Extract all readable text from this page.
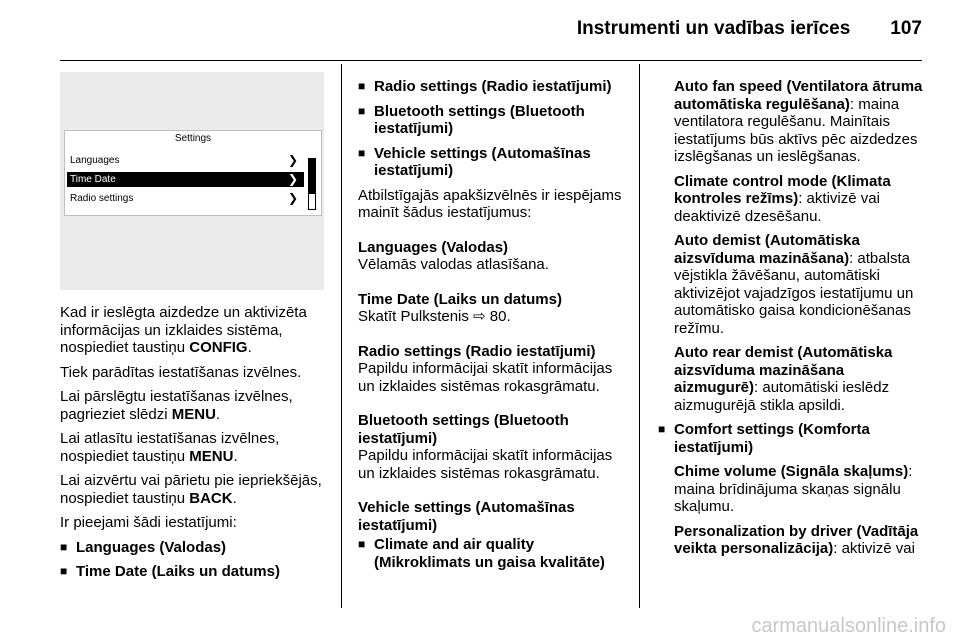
Instrumenti un vadības ierīces 107
Settings
Languages	❯
Time Date	❯
Radio settings	❯

Kad ir ieslēgta aizdedze un aktivizēta informācijas un izklaides sistēma, nospiediet taustiņu CONFIG.

Tiek parādītas iestatīšanas izvēlnes.

Lai pārslēgtu iestatīšanas izvēlnes, pagrieziet slēdzi MENU.

Lai atlasītu iestatīšanas izvēlnes, nospiediet taustiņu MENU.

Lai aizvērtu vai pārietu pie iepriekšējās, nospiediet taustiņu BACK.

Ir pieejami šādi iestatījumi:

■ Languages (Valodas)
■ Time Date (Laiks un datums)
■ Radio settings (Radio iestatījumi)
■ Bluetooth settings (Bluetooth iestatījumi)
■ Vehicle settings (Automašīnas iestatījumi)

Atbilstīgajās apakšizvēlnēs ir iespējams mainīt šādus iestatījumus:

Languages (Valodas)

Vēlamās valodas atlasīšana.

Time Date (Laiks un datums)

Skatīt Pulkstenis ⇨ 80.

Radio settings (Radio iestatījumi)

Papildu informācijai skatīt informācijas un izklaides sistēmas rokasgrāmatu.

Bluetooth settings (Bluetooth iestatījumi)

Papildu informācijai skatīt informācijas un izklaides sistēmas rokasgrāmatu.

Vehicle settings (Automašīnas iestatījumi)

■ Climate and air quality (Mikroklimats un gaisa kvalitāte)

Auto fan speed (Ventilatora ātruma automātiska regulēšana): maina ventilatora regulēšanu. Mainītais iestatījums būs aktīvs pēc aizdedzes izslēgšanas un ieslēgšanas.

Climate control mode (Klimata kontroles režīms): aktivizē vai deaktivizē dzesēšanu.

Auto demist (Automātiska aizsvīduma mazināšana): atbalsta vējstikla žāvēšanu, automātiski aktivizējot vajadzīgos iestatījumu un automātisko gaisa kondicionēšanas režīmu.

Auto rear demist (Automātiska aizsvīduma mazināšana aizmugurē): automātiski ieslēdz aizmugurējā stikla apsildi.

■ Comfort settings (Komforta iestatījumi)

Chime volume (Signāla skaļums): maina brīdinājuma skaņas signālu skaļumu.

Personalization by driver (Vadītāja veikta personalizācija): aktivizē vai

carmanualsonline.info
